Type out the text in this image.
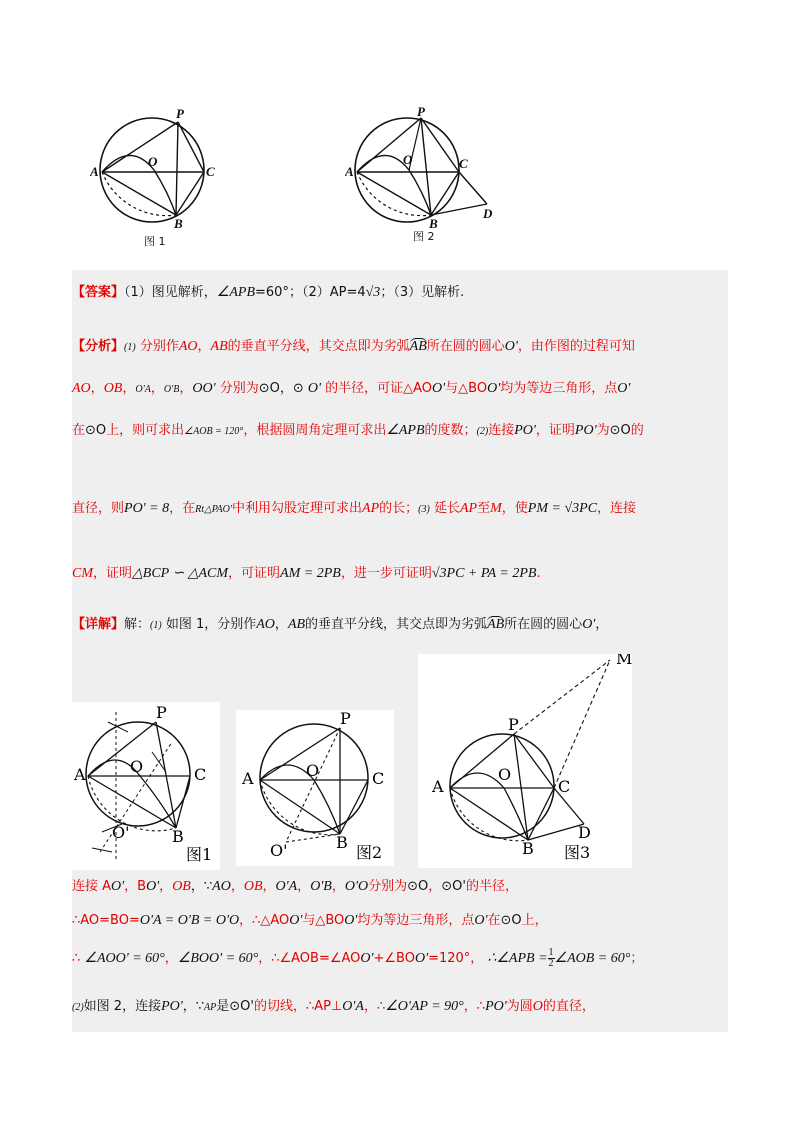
A
O
P
C
B
图 1
A
O
P
C
B
D
图 2
【答案】（1）图见解析，∠APB=60°；（2）AP=4√3；（3）见解析.
【分析】(1) 分别作AO，AB的垂直平分线，其交点即为劣弧AB所在圆的圆心O'，由作图的过程可知
AO，OB，O'A，O'B，OO' 分别为⊙O，⊙ O' 的半径，可证△AOO'与△BOO'均为等边三角形，点O'
在⊙O上，则可求出∠AOB = 120°，根据圆周角定理可求出∠APB的度数；(2)连接PO'，证明PO'为⊙O的
直径，则PO' = 8，在Rt△PAO'中利用勾股定理可求出AP的长；(3) 延长AP至M，使PM = √3PC，连接
CM，证明△BCP ∽ △ACM，可证明AM = 2PB，进一步可证明√3PC + PA = 2PB.
【详解】解：(1) 如图 1，分别作AO，AB的垂直平分线，其交点即为劣弧AB所在圆的圆心O'，
A	O
P
C
B
O'
图1
A	O
P
C
B
O'	图2
A
O
P
C
B
D
M
图3
连接 AO'，BO'，OB，∵AO，OB，O'A，O'B，O'O分别为⊙O，⊙O'的半径，
∴AO=BO=O'A = O'B = O'O，∴△AOO'与△BOO'均为等边三角形，点O'在⊙O上，
∴ ∠AOO' = 60°，∠BOO' = 60°，∴∠AOB=∠AOO'+∠BOO'=120°， ∴∠APB = $\frac{1}{2}$ ∠AOB = 60°；
(2)如图 2，连接PO'，∵AP是⊙O'的切线，∴AP⊥O'A，∴∠O'AP = 90°，∴PO'为圆O的直径，
